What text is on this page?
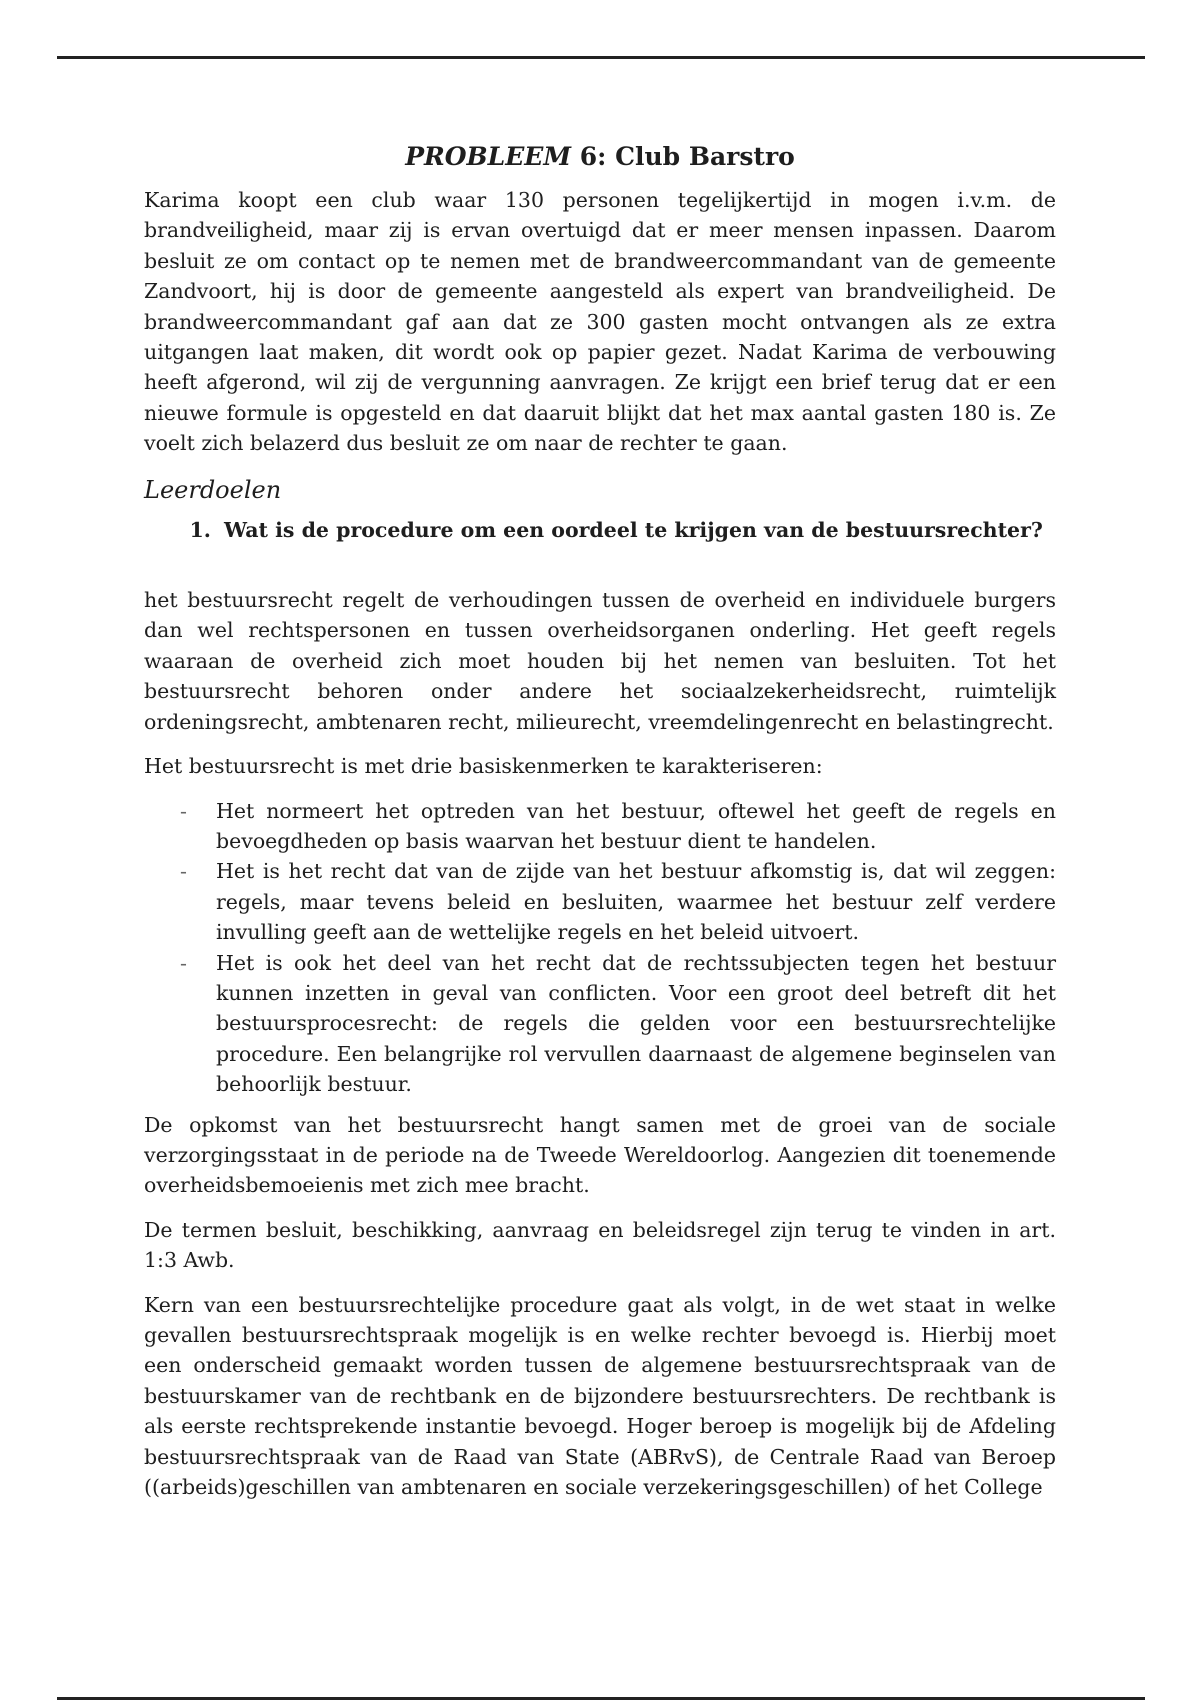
PROBLEEM 6: Club Barstro

Karima koopt een club waar 130 personen tegelijkertijd in mogen i.v.m. de brandveiligheid, maar zij is ervan overtuigd dat er meer mensen inpassen. Daarom besluit ze om contact op te nemen met de brandweercommandant van de gemeente Zandvoort, hij is door de gemeente aangesteld als expert van brandveiligheid. De brandweercommandant gaf aan dat ze 300 gasten mocht ontvangen als ze extra uitgangen laat maken, dit wordt ook op papier gezet. Nadat Karima de verbouwing heeft afgerond, wil zij de vergunning aanvragen. Ze krijgt een brief terug dat er een nieuwe formule is opgesteld en dat daaruit blijkt dat het max aantal gasten 180 is. Ze voelt zich belazerd dus besluit ze om naar de rechter te gaan.

Leerdoelen
1. Wat is de procedure om een oordeel te krijgen van de bestuursrechter?

het bestuursrecht regelt de verhoudingen tussen de overheid en individuele burgers dan wel rechtspersonen en tussen overheidsorganen onderling. Het geeft regels waaraan de overheid zich moet houden bij het nemen van besluiten. Tot het bestuursrecht behoren onder andere het sociaalzekerheidsrecht, ruimtelijk ordeningsrecht, ambtenaren recht, milieurecht, vreemdelingenrecht en belastingrecht.

Het bestuursrecht is met drie basiskenmerken te karakteriseren:

- Het normeert het optreden van het bestuur, oftewel het geeft de regels en bevoegdheden op basis waarvan het bestuur dient te handelen.
- Het is het recht dat van de zijde van het bestuur afkomstig is, dat wil zeggen: regels, maar tevens beleid en besluiten, waarmee het bestuur zelf verdere invulling geeft aan de wettelijke regels en het beleid uitvoert.
- Het is ook het deel van het recht dat de rechtssubjecten tegen het bestuur kunnen inzetten in geval van conflicten. Voor een groot deel betreft dit het bestuursprocesrecht: de regels die gelden voor een bestuursrechtelijke procedure. Een belangrijke rol vervullen daarnaast de algemene beginselen van behoorlijk bestuur.

De opkomst van het bestuursrecht hangt samen met de groei van de sociale verzorgingsstaat in de periode na de Tweede Wereldoorlog. Aangezien dit toenemende overheidsbemoeienis met zich mee bracht.

De termen besluit, beschikking, aanvraag en beleidsregel zijn terug te vinden in art. 1:3 Awb.

Kern van een bestuursrechtelijke procedure gaat als volgt, in de wet staat in welke gevallen bestuursrechtspraak mogelijk is en welke rechter bevoegd is. Hierbij moet een onderscheid gemaakt worden tussen de algemene bestuursrechtspraak van de bestuurskamer van de rechtbank en de bijzondere bestuursrechters. De rechtbank is als eerste rechtsprekende instantie bevoegd. Hoger beroep is mogelijk bij de Afdeling bestuursrechtspraak van de Raad van State (ABRvS), de Centrale Raad van Beroep ((arbeids)geschillen van ambtenaren en sociale verzekeringsgeschillen) of het College
